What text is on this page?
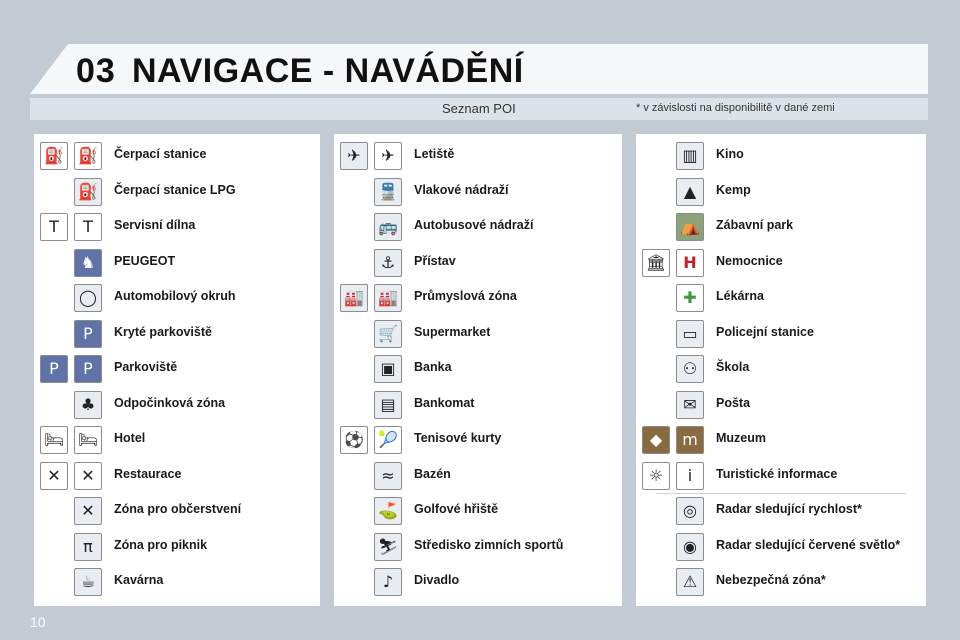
03 NAVIGACE - NAVÁDĚNÍ
Seznam POI	* v závislosti na disponibilitě v dané zemi
⛽ ⛽	Čerpací stanice
⛽	Čerpací stanice LPG
T	T	Servisní dílna
♞	PEUGEOT
◯	Automobilový okruh
P	Kryté parkoviště
P	P	Parkoviště
♣	Odpočinková zóna
🛏 🛏	Hotel
✕	✕	Restaurace
✕	Zóna pro občerstvení
π	Zóna pro piknik
☕	Kavárna
✈	✈	Letiště
🚆	Vlakové nádraží
🚌	Autobusové nádraží
⚓	Přístav
🏭 🏭	Průmyslová zóna
🛒	Supermarket
▣	Banka
▤	Bankomat
⚽ 🎾	Tenisové kurty
≈	Bazén
⛳	Golfové hřiště
⛷	Středisko zimních sportů
♪	Divadlo
▥	Kino
▲	Kemp
⛺	Zábavní park
🏛	H	Nemocnice
✚	Lékárna
▭	Policejní stanice
⚇	Škola
✉	Pošta
◆	m	Muzeum
☼	i	Turistické informace
◎	Radar sledující rychlost*
◉	Radar sledující červené světlo*
⚠	Nebezpečná zóna*
10
